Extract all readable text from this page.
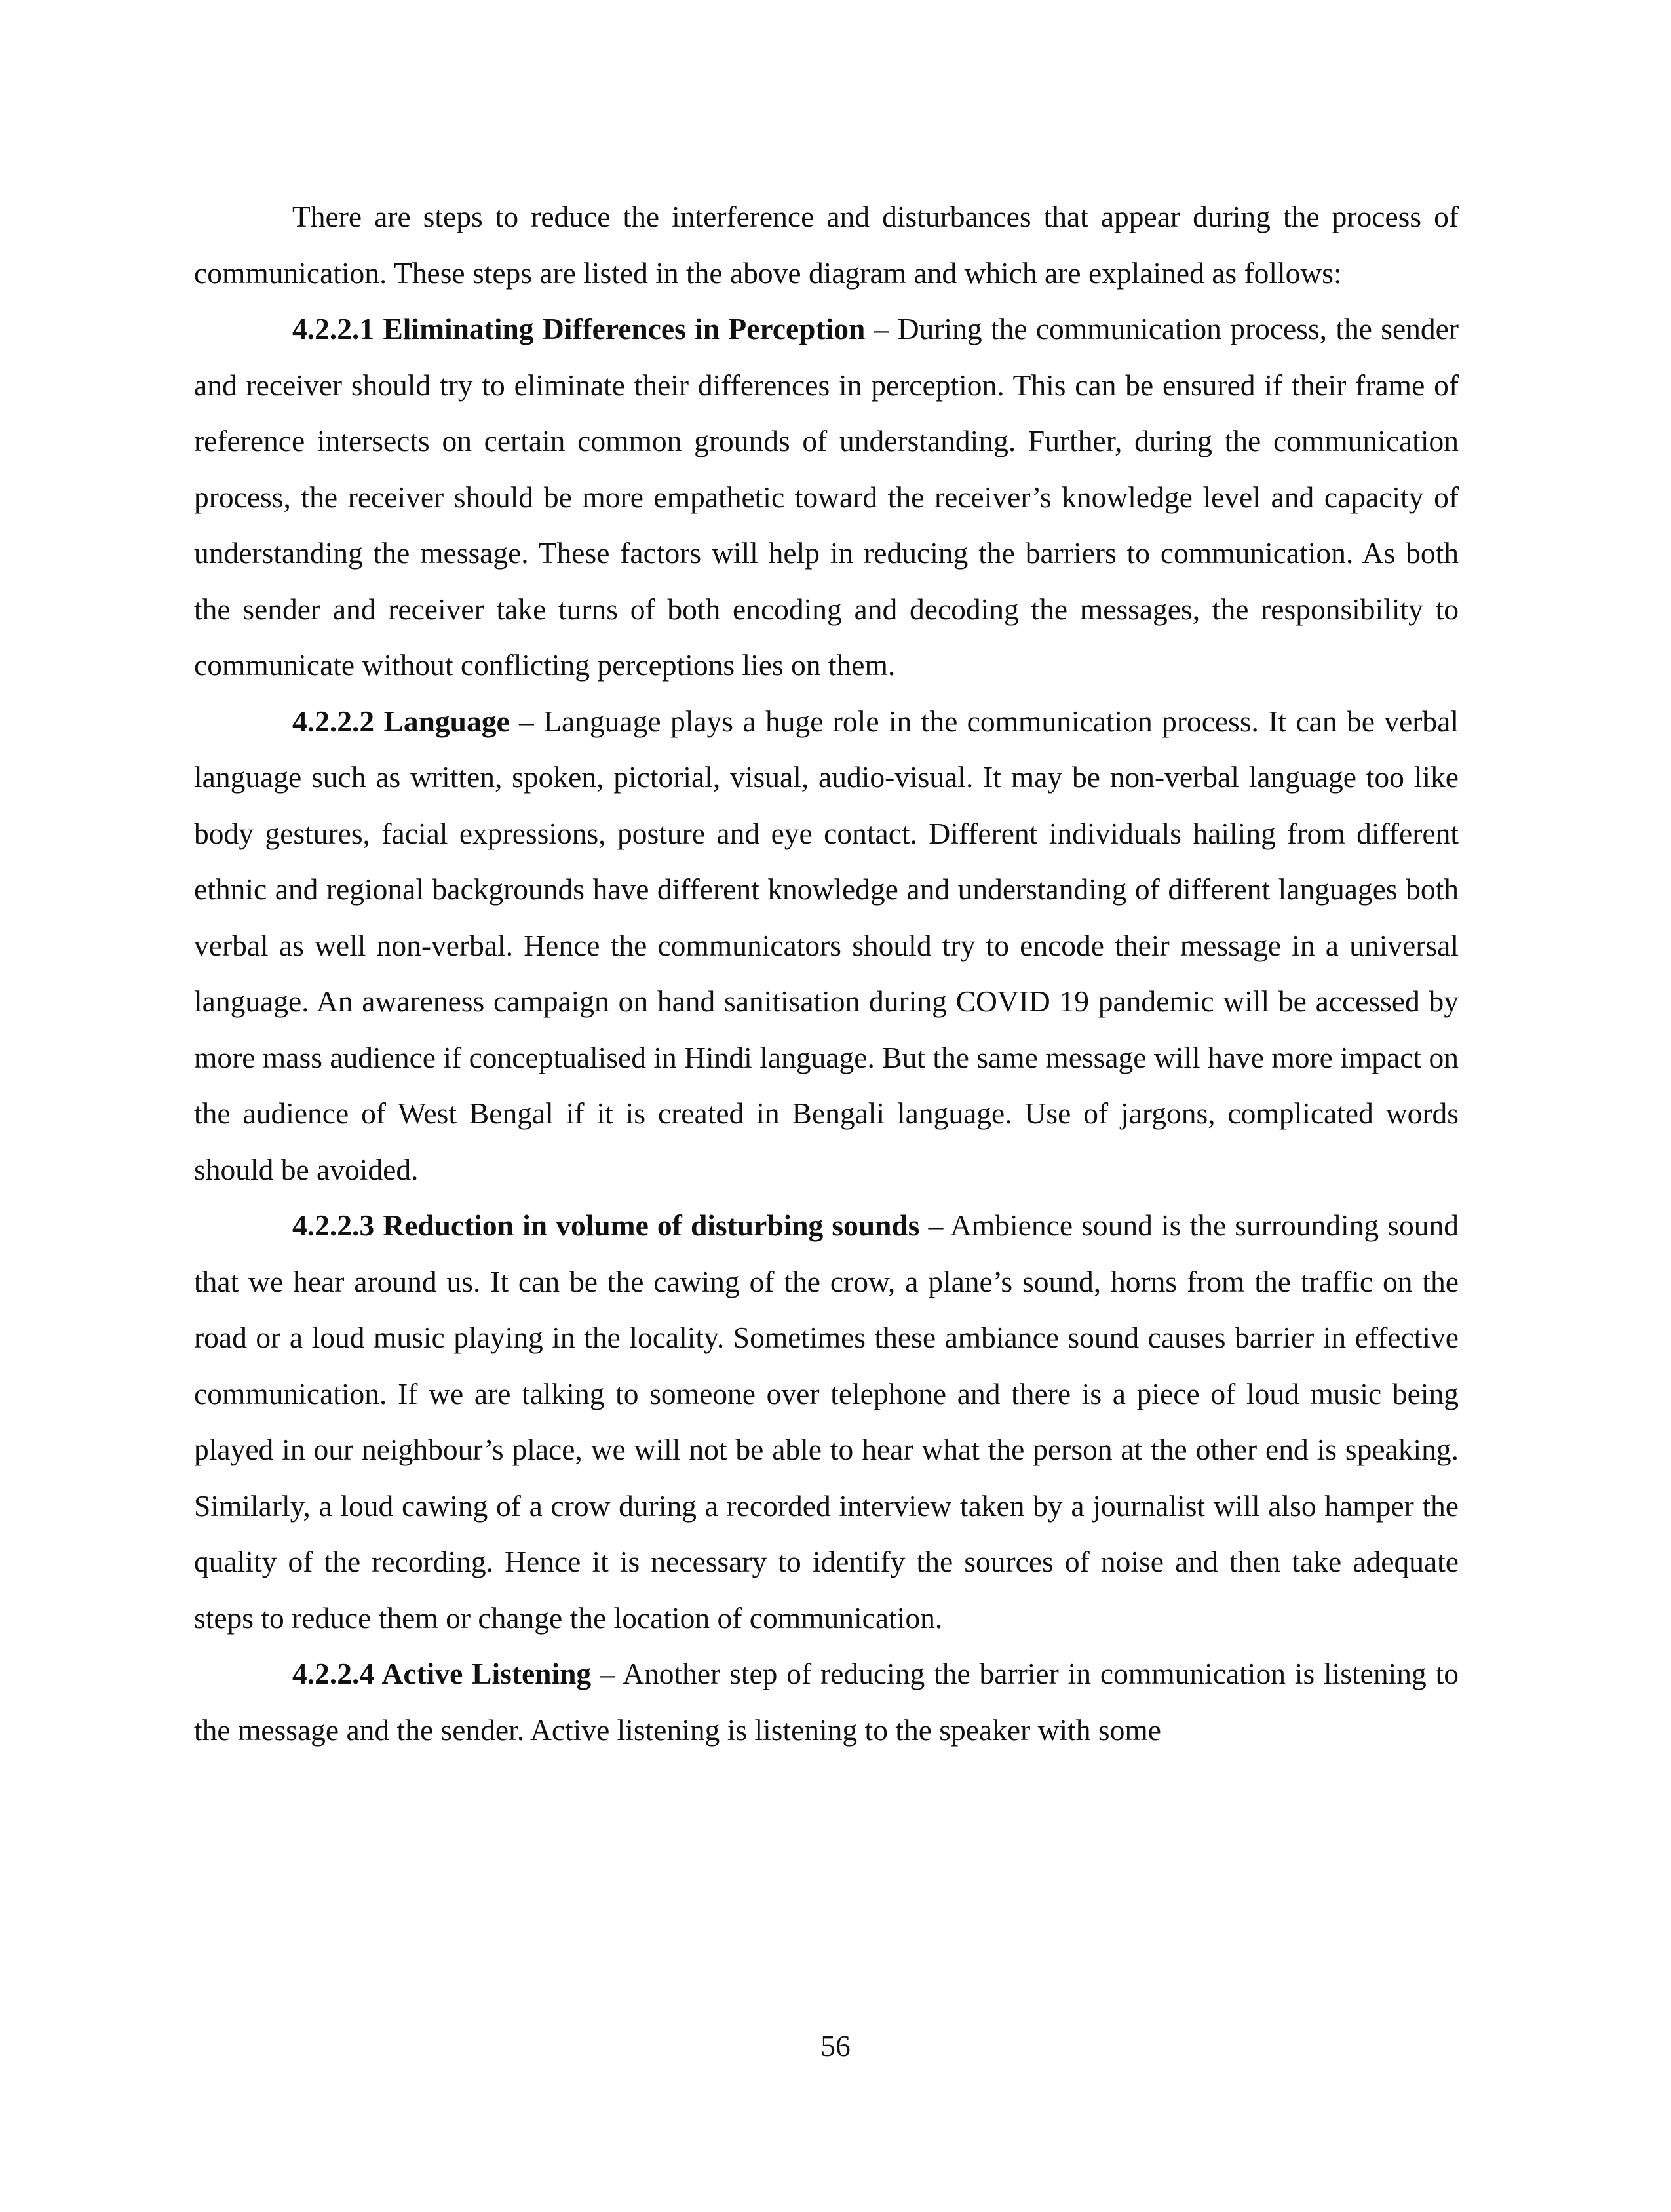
There are steps to reduce the interference and disturbances that appear during the process of communication. These steps are listed in the above diagram and which are explained as follows:

4.2.2.1 Eliminating Differences in Perception – During the communication process, the sender and receiver should try to eliminate their differences in perception. This can be ensured if their frame of reference intersects on certain common grounds of understanding. Further, during the communication process, the receiver should be more empathetic toward the receiver’s knowledge level and capacity of understanding the message. These factors will help in reducing the barriers to communication. As both the sender and receiver take turns of both encoding and decoding the messages, the responsibility to communicate without conflicting perceptions lies on them.

4.2.2.2 Language – Language plays a huge role in the communication process. It can be verbal language such as written, spoken, pictorial, visual, audio-visual. It may be non-verbal language too like body gestures, facial expressions, posture and eye contact. Different individuals hailing from different ethnic and regional backgrounds have different knowledge and understanding of different languages both verbal as well non-verbal. Hence the communicators should try to encode their message in a universal language. An awareness campaign on hand sanitisation during COVID 19 pandemic will be accessed by more mass audience if conceptualised in Hindi language. But the same message will have more impact on the audience of West Bengal if it is created in Bengali language. Use of jargons, complicated words should be avoided.

4.2.2.3 Reduction in volume of disturbing sounds – Ambience sound is the surrounding sound that we hear around us. It can be the cawing of the crow, a plane’s sound, horns from the traffic on the road or a loud music playing in the locality. Sometimes these ambiance sound causes barrier in effective communication. If we are talking to someone over telephone and there is a piece of loud music being played in our neighbour’s place, we will not be able to hear what the person at the other end is speaking. Similarly, a loud cawing of a crow during a recorded interview taken by a journalist will also hamper the quality of the recording. Hence it is necessary to identify the sources of noise and then take adequate steps to reduce them or change the location of communication.

4.2.2.4 Active Listening – Another step of reducing the barrier in communication is listening to the message and the sender. Active listening is listening to the speaker with some

56
